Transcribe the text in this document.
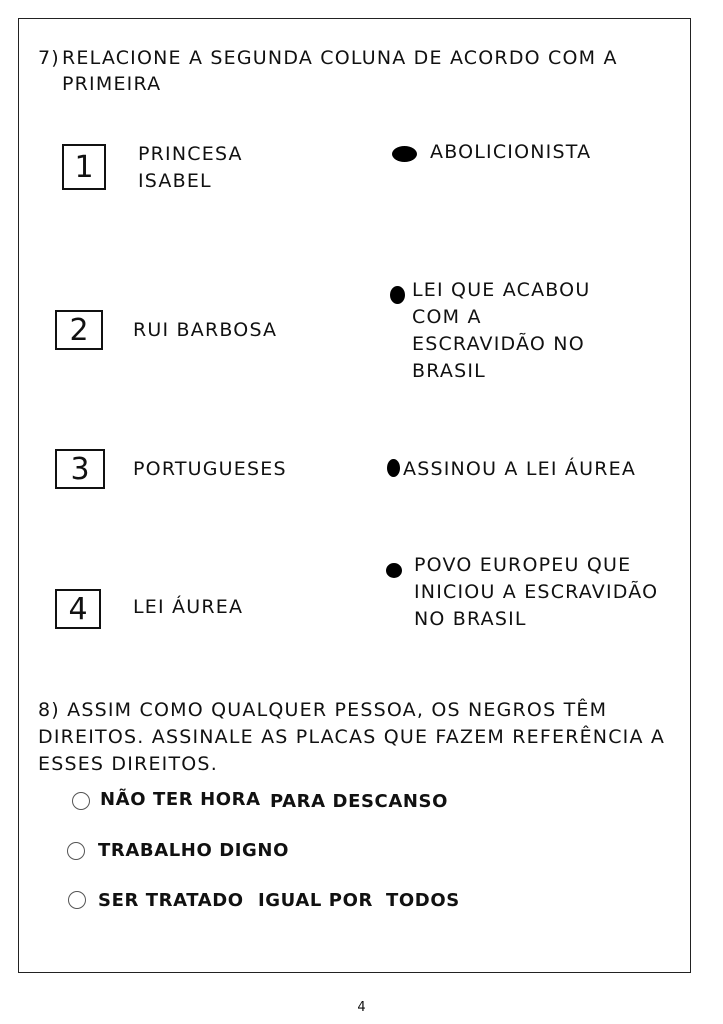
7) RELACIONE A SEGUNDA COLUNA DE ACORDO COM A PRIMEIRA
1 PRINCESA
ISABEL
2 RUI BARBOSA
3 PORTUGUESES
4 LEI ÁUREA
ABOLICIONISTA
LEI QUE ACABOU
COM A
ESCRAVIDÃO NO
BRASIL
ASSINOU A LEI ÁUREA
POVO EUROPEU QUE
INICIOU A ESCRAVIDÃO
NO BRASIL
8) ASSIM COMO QUALQUER PESSOA, OS NEGROS TÊM DIREITOS. ASSINALE AS PLACAS QUE FAZEM REFERÊNCIA A ESSES DIREITOS.
NÃO TER HORA PARA DESCANSO
TRABALHO DIGNO
SER TRATADO IGUAL POR TODOS
4
